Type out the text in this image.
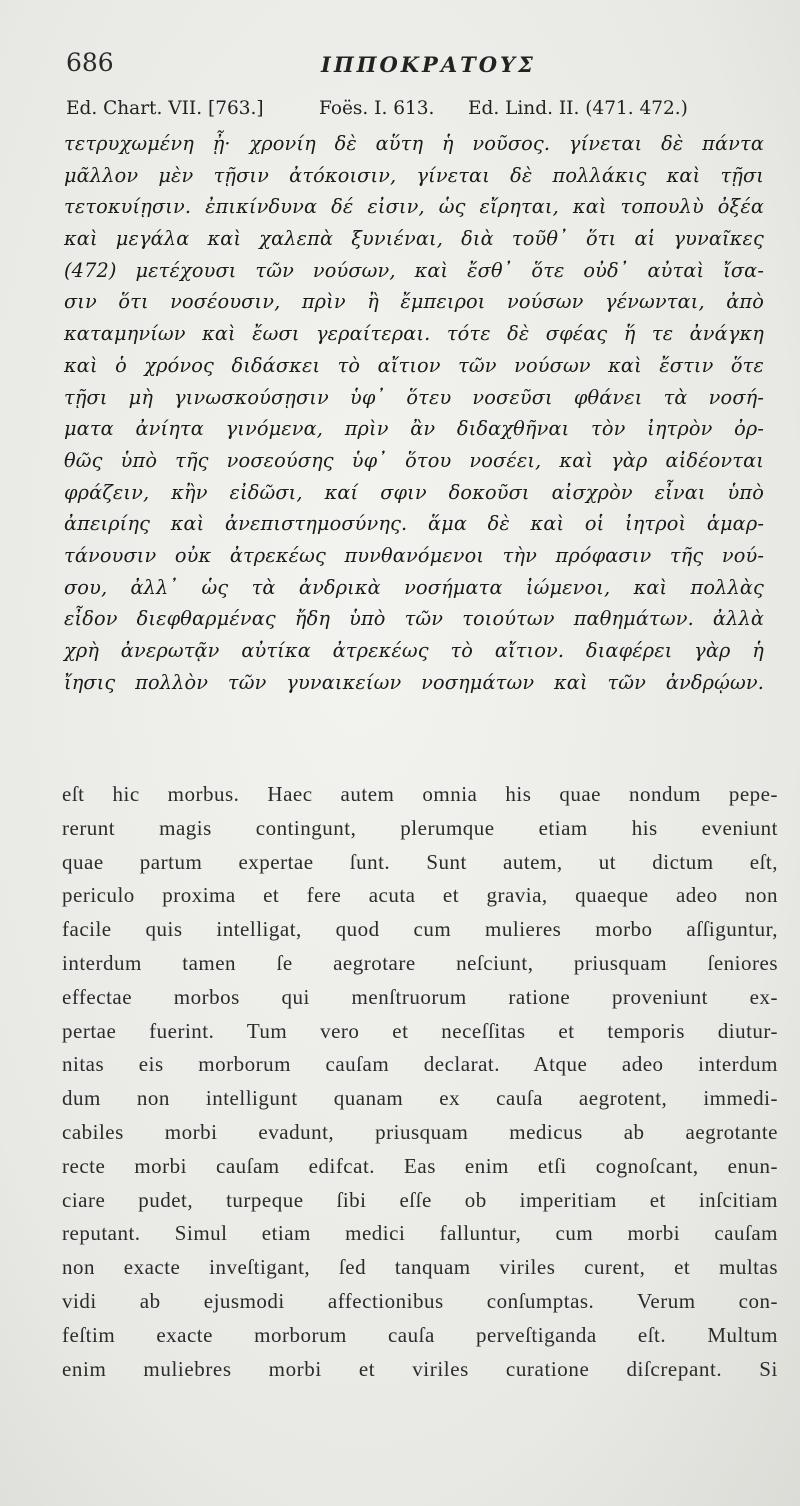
686	ΙΠΠΟΚΡΑΤΟΥΣ
Ed. Chart. VII. [763.]	Foës. I. 613. Ed. Lind. II. (471. 472.)
τετρυχωμένη ᾖ· χρονίη δὲ αὕτη ἡ νοῦσος. γίνεται δὲ πάντα
μᾶλλον μὲν τῇσιν ἀτόκοισιν, γίνεται δὲ πολλάκις καὶ τῇσι
τετοκυίῃσιν. ἐπικίνδυνα δέ εἰσιν, ὡς εἴρηται, καὶ τοπουλὺ ὀξέα
καὶ μεγάλα καὶ χαλεπὰ ξυνιέναι, διὰ τοῦθ᾽ ὅτι αἱ γυναῖκες
(472) μετέχουσι τῶν νούσων, καὶ ἔσθ᾽ ὅτε οὐδ᾽ αὐταὶ ἴσα-
σιν ὅτι νοσέουσιν, πρὶν ἢ ἔμπειροι νούσων γένωνται, ἀπὸ
καταμηνίων καὶ ἔωσι γεραίτεραι. τότε δὲ σφέας ἥ τε ἀνάγκη
καὶ ὁ χρόνος διδάσκει τὸ αἴτιον τῶν νούσων καὶ ἔστιν ὅτε
τῇσι μὴ γινωσκούσῃσιν ὑφ᾽ ὅτευ νοσεῦσι φθάνει τὰ νοσή-
ματα ἀνίητα γινόμενα, πρὶν ἂν διδαχθῆναι τὸν ἰητρὸν ὀρ-
θῶς ὑπὸ τῆς νοσεούσης ὑφ᾽ ὅτου νοσέει, καὶ γὰρ αἰδέονται
φράζειν, κἢν εἰδῶσι, καί σφιν δοκοῦσι αἰσχρὸν εἶναι ὑπὸ
ἀπειρίης καὶ ἀνεπιστημοσύνης. ἅμα δὲ καὶ οἱ ἰητροὶ ἁμαρ-
τάνουσιν οὐκ ἀτρεκέως πυνθανόμενοι τὴν πρόφασιν τῆς νού-
σου, ἀλλ᾽ ὡς τὰ ἀνδρικὰ νοσήματα ἰώμενοι, καὶ πολλὰς
εἶδον διεφθαρμένας ἤδη ὑπὸ τῶν τοιούτων παθημάτων. ἀλλὰ
χρὴ ἀνερωτᾷν αὐτίκα ἀτρεκέως τὸ αἴτιον. διαφέρει γὰρ ἡ
ἴησις πολλὸν τῶν γυναικείων νοσημάτων καὶ τῶν ἀνδρῴων.
eſt hic morbus. Haec autem omnia his quae nondum pepe-
rerunt magis contingunt, plerumque etiam his eveniunt
quae partum expertae ſunt. Sunt autem, ut dictum eſt,
periculo proxima et fere acuta et gravia, quaeque adeo non
facile quis intelligat, quod cum mulieres morbo aſſiguntur,
interdum tamen ſe aegrotare neſciunt, priusquam ſeniores
effectae morbos qui menſtruorum ratione proveniunt ex-
pertae fuerint. Tum vero et neceſſitas et temporis diutur-
nitas eis morborum cauſam declarat. Atque adeo interdum
dum non intelligunt quanam ex cauſa aegrotent, immedi-
cabiles morbi evadunt, priusquam medicus ab aegrotante
recte morbi cauſam edifcat. Eas enim etſi cognoſcant, enun-
ciare pudet, turpeque ſibi eſſe ob imperitiam et inſcitiam
reputant. Simul etiam medici falluntur, cum morbi cauſam
non exacte inveſtigant, ſed tanquam viriles curent, et multas
vidi ab ejusmodi affectionibus conſumptas. Verum con-
feſtim exacte morborum cauſa perveſtiganda eſt. Multum
enim muliebres morbi et viriles curatione diſcrepant. Si
